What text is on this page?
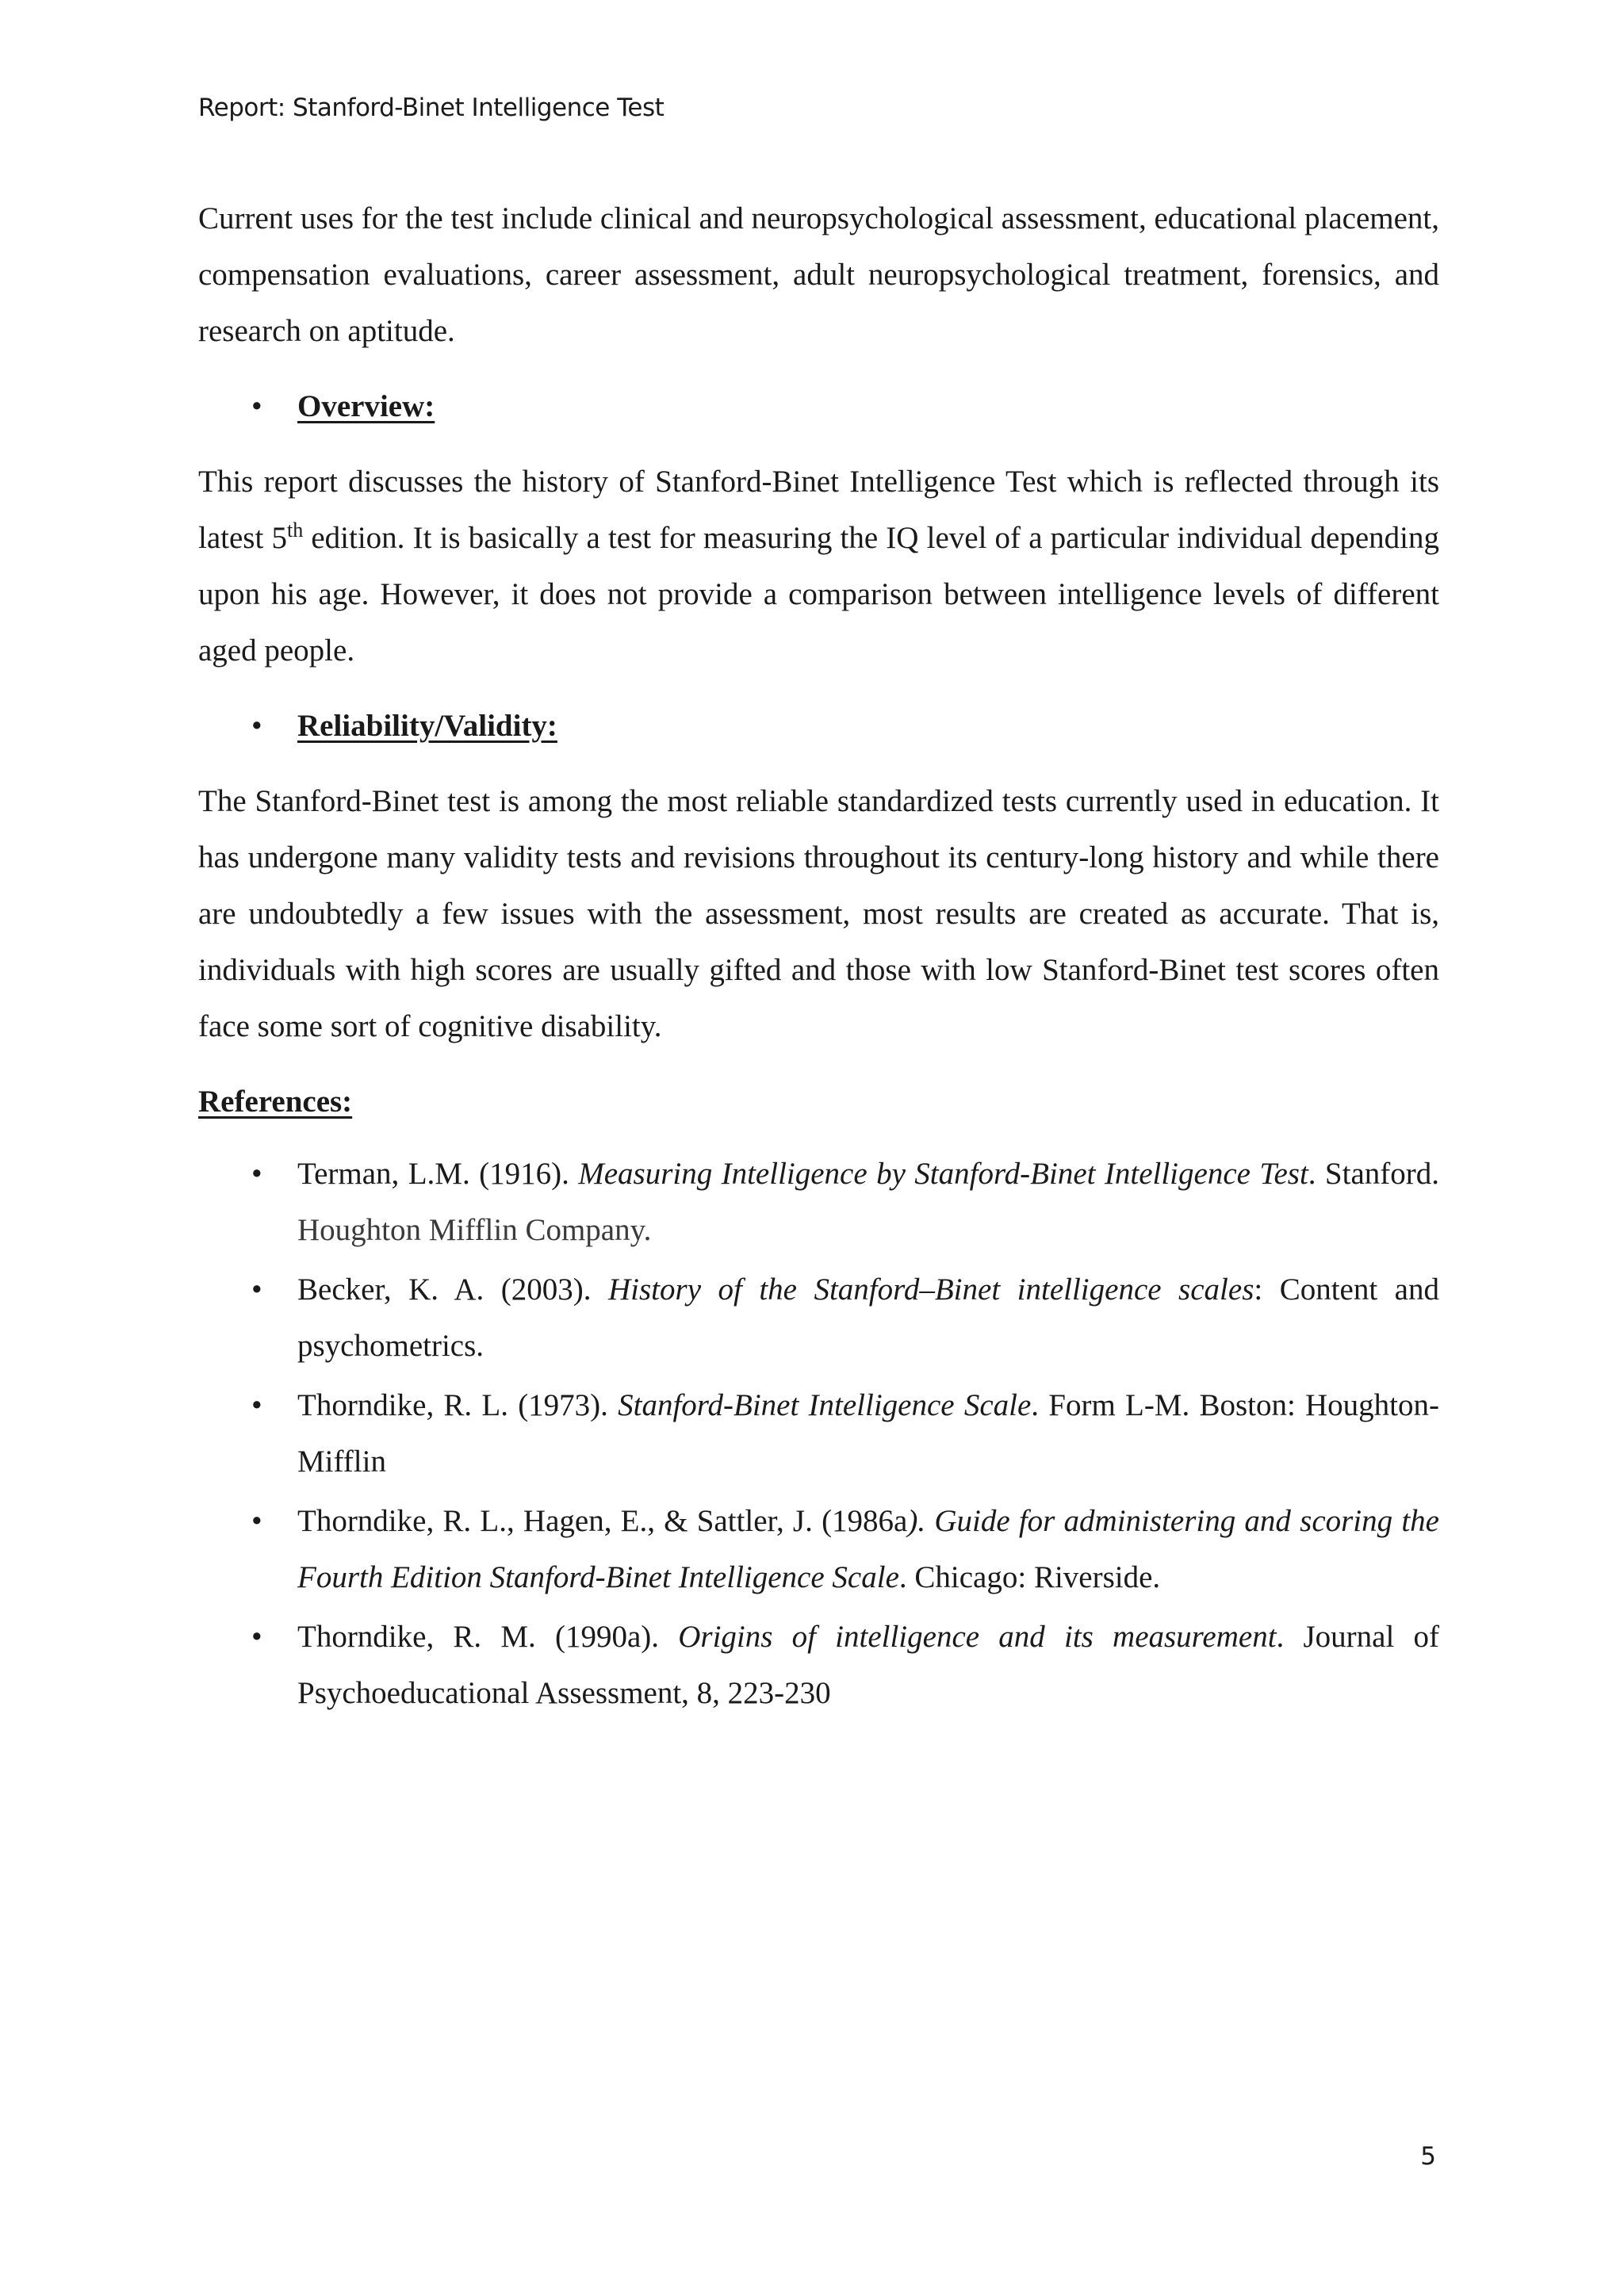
Report: Stanford-Binet Intelligence Test

Current uses for the test include clinical and neuropsychological assessment, educational placement, compensation evaluations, career assessment, adult neuropsychological treatment, forensics, and research on aptitude.

• Overview:

This report discusses the history of Stanford-Binet Intelligence Test which is reflected through its latest 5th edition. It is basically a test for measuring the IQ level of a particular individual depending upon his age. However, it does not provide a comparison between intelligence levels of different aged people.

• Reliability/Validity:

The Stanford-Binet test is among the most reliable standardized tests currently used in education. It has undergone many validity tests and revisions throughout its century-long history and while there are undoubtedly a few issues with the assessment, most results are created as accurate. That is, individuals with high scores are usually gifted and those with low Stanford-Binet test scores often face some sort of cognitive disability.

References:

• Terman, L.M. (1916). Measuring Intelligence by Stanford-Binet Intelligence Test. Stanford. Houghton Mifflin Company.
• Becker, K. A. (2003). History of the Stanford–Binet intelligence scales: Content and psychometrics.
• Thorndike, R. L. (1973). Stanford-Binet Intelligence Scale. Form L-M. Boston: Houghton-Mifflin
• Thorndike, R. L., Hagen, E., & Sattler, J. (1986a). Guide for administering and scoring the Fourth Edition Stanford-Binet Intelligence Scale. Chicago: Riverside.
• Thorndike, R. M. (1990a). Origins of intelligence and its measurement. Journal of Psychoeducational Assessment, 8, 223-230
5
